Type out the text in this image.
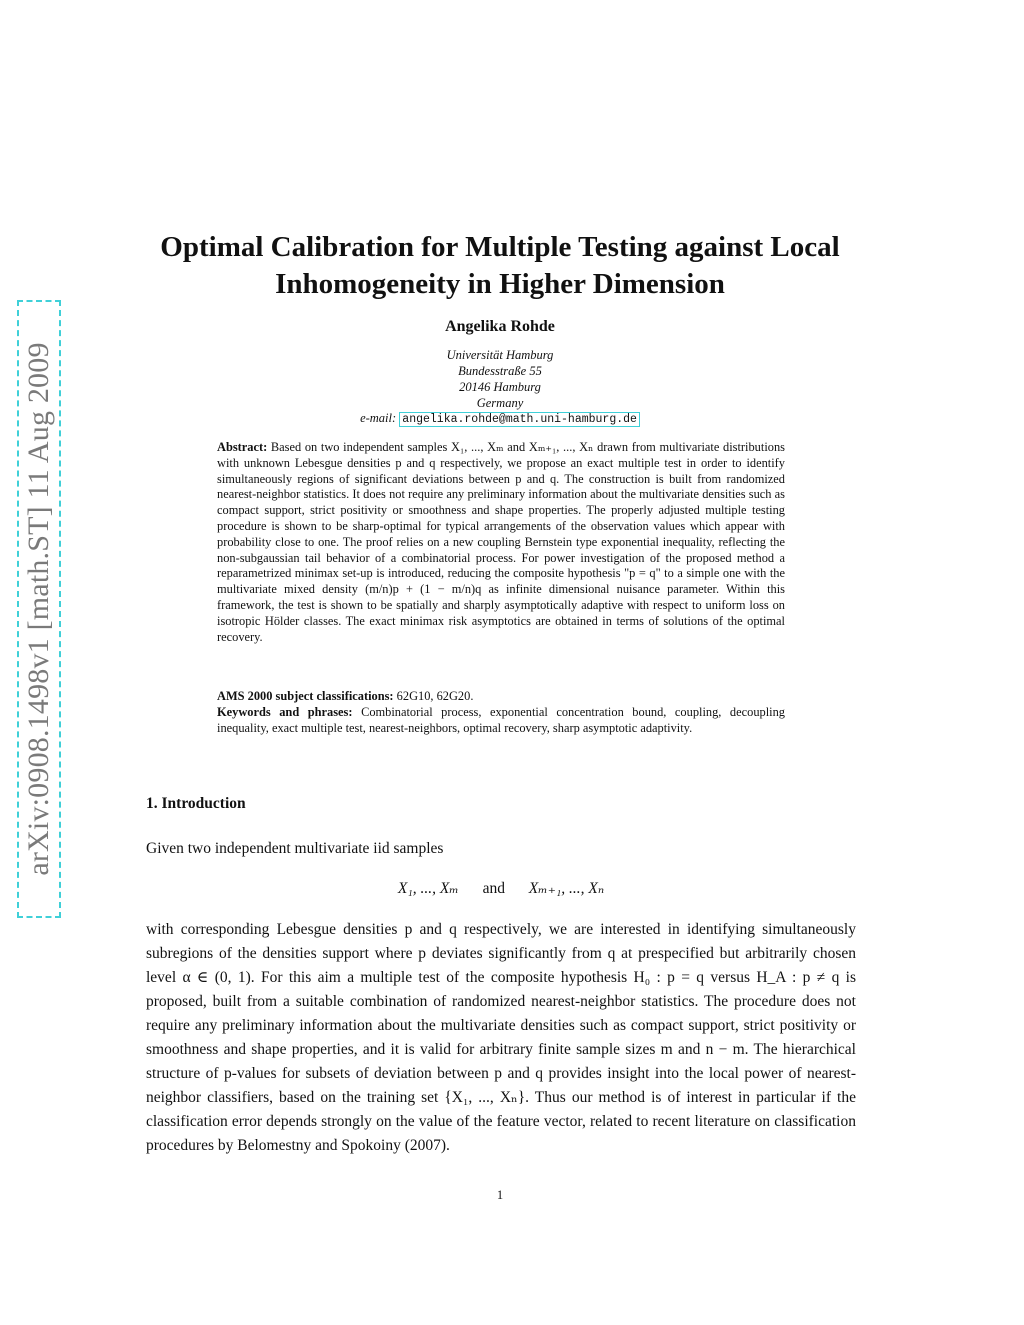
arXiv:0908.1498v1 [math.ST] 11 Aug 2009
Optimal Calibration for Multiple Testing against Local Inhomogeneity in Higher Dimension
Angelika Rohde
Universität Hamburg
Bundesstraße 55
20146 Hamburg
Germany
e-mail: angelika.rohde@math.uni-hamburg.de
Abstract: Based on two independent samples X₁, ..., Xₘ and Xₘ₊₁, ..., Xₙ drawn from multivariate distributions with unknown Lebesgue densities p and q respectively, we propose an exact multiple test in order to identify simultaneously regions of significant deviations between p and q. The construction is built from randomized nearest-neighbor statistics. It does not require any preliminary information about the multivariate densities such as compact support, strict positivity or smoothness and shape properties. The properly adjusted multiple testing procedure is shown to be sharp-optimal for typical arrangements of the observation values which appear with probability close to one. The proof relies on a new coupling Bernstein type exponential inequality, reflecting the non-subgaussian tail behavior of a combinatorial process. For power investigation of the proposed method a reparametrized minimax set-up is introduced, reducing the composite hypothesis "p = q" to a simple one with the multivariate mixed density (m/n)p + (1 − m/n)q as infinite dimensional nuisance parameter. Within this framework, the test is shown to be spatially and sharply asymptotically adaptive with respect to uniform loss on isotropic Hölder classes. The exact minimax risk asymptotics are obtained in terms of solutions of the optimal recovery.

AMS 2000 subject classifications: 62G10, 62G20.

Keywords and phrases: Combinatorial process, exponential concentration bound, coupling, decoupling inequality, exact multiple test, nearest-neighbors, optimal recovery, sharp asymptotic adaptivity.

1. Introduction
Given two independent multivariate iid samples
X₁, ..., Xₘ and Xₘ₊₁, ..., Xₙ
with corresponding Lebesgue densities p and q respectively, we are interested in identifying simultaneously subregions of the densities support where p deviates significantly from q at prespecified but arbitrarily chosen level α ∈ (0, 1). For this aim a multiple test of the composite hypothesis H₀ : p = q versus H_A : p ≠ q is proposed, built from a suitable combination of randomized nearest-neighbor statistics. The procedure does not require any preliminary information about the multivariate densities such as compact support, strict positivity or smoothness and shape properties, and it is valid for arbitrary finite sample sizes m and n − m. The hierarchical structure of p-values for subsets of deviation between p and q provides insight into the local power of nearest-neighbor classifiers, based on the training set {X₁, ..., Xₙ}. Thus our method is of interest in particular if the classification error depends strongly on the value of the feature vector, related to recent literature on classification procedures by Belomestny and Spokoiny (2007).
1
